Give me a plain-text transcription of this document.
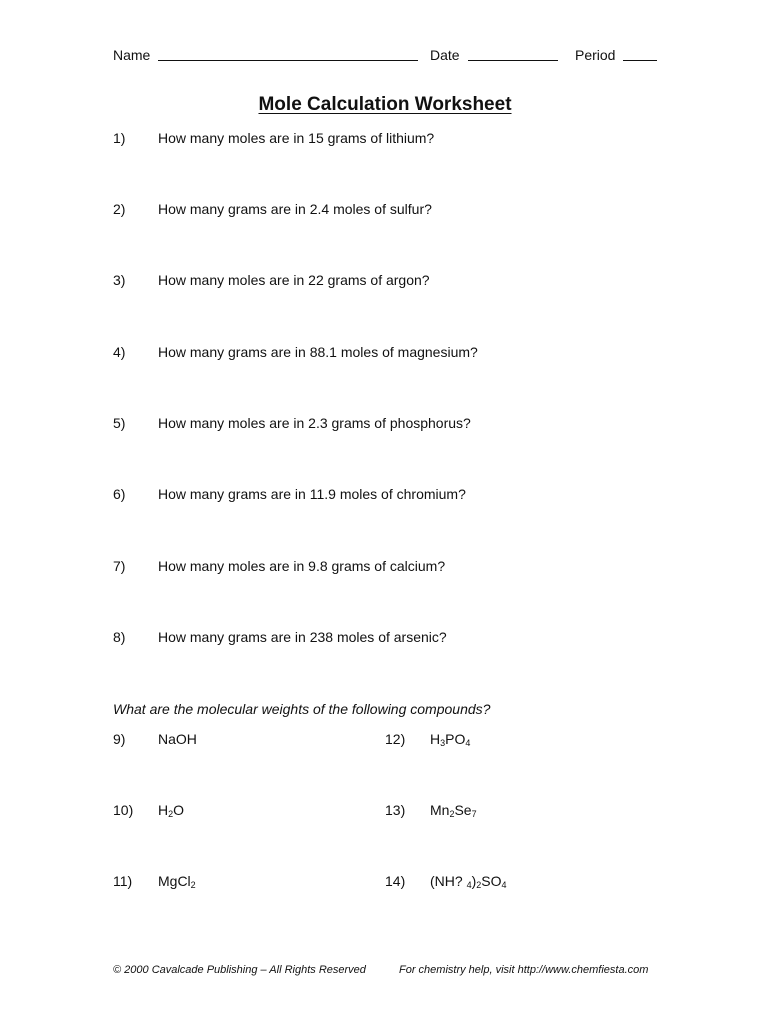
Name	Date	Period
Mole Calculation Worksheet
1) How many moles are in 15 grams of lithium?
2) How many grams are in 2.4 moles of sulfur?
3) How many moles are in 22 grams of argon?
4) How many grams are in 88.1 moles of magnesium?
5) How many moles are in 2.3 grams of phosphorus?
6) How many grams are in 11.9 moles of chromium?
7) How many moles are in 9.8 grams of calcium?
8) How many grams are in 238 moles of arsenic?
What are the molecular weights of the following compounds?
9) NaOH
10) $H_2O$
11) MgCl$_2$
12) $H_3PO_4$
13) $Mn_2Se_7$
14) (NH? $_4)_2SO_4$
© 2000 Cavalcade Publishing – All Rights Reserved	For chemistry help, visit http://www.chemfiesta.com
